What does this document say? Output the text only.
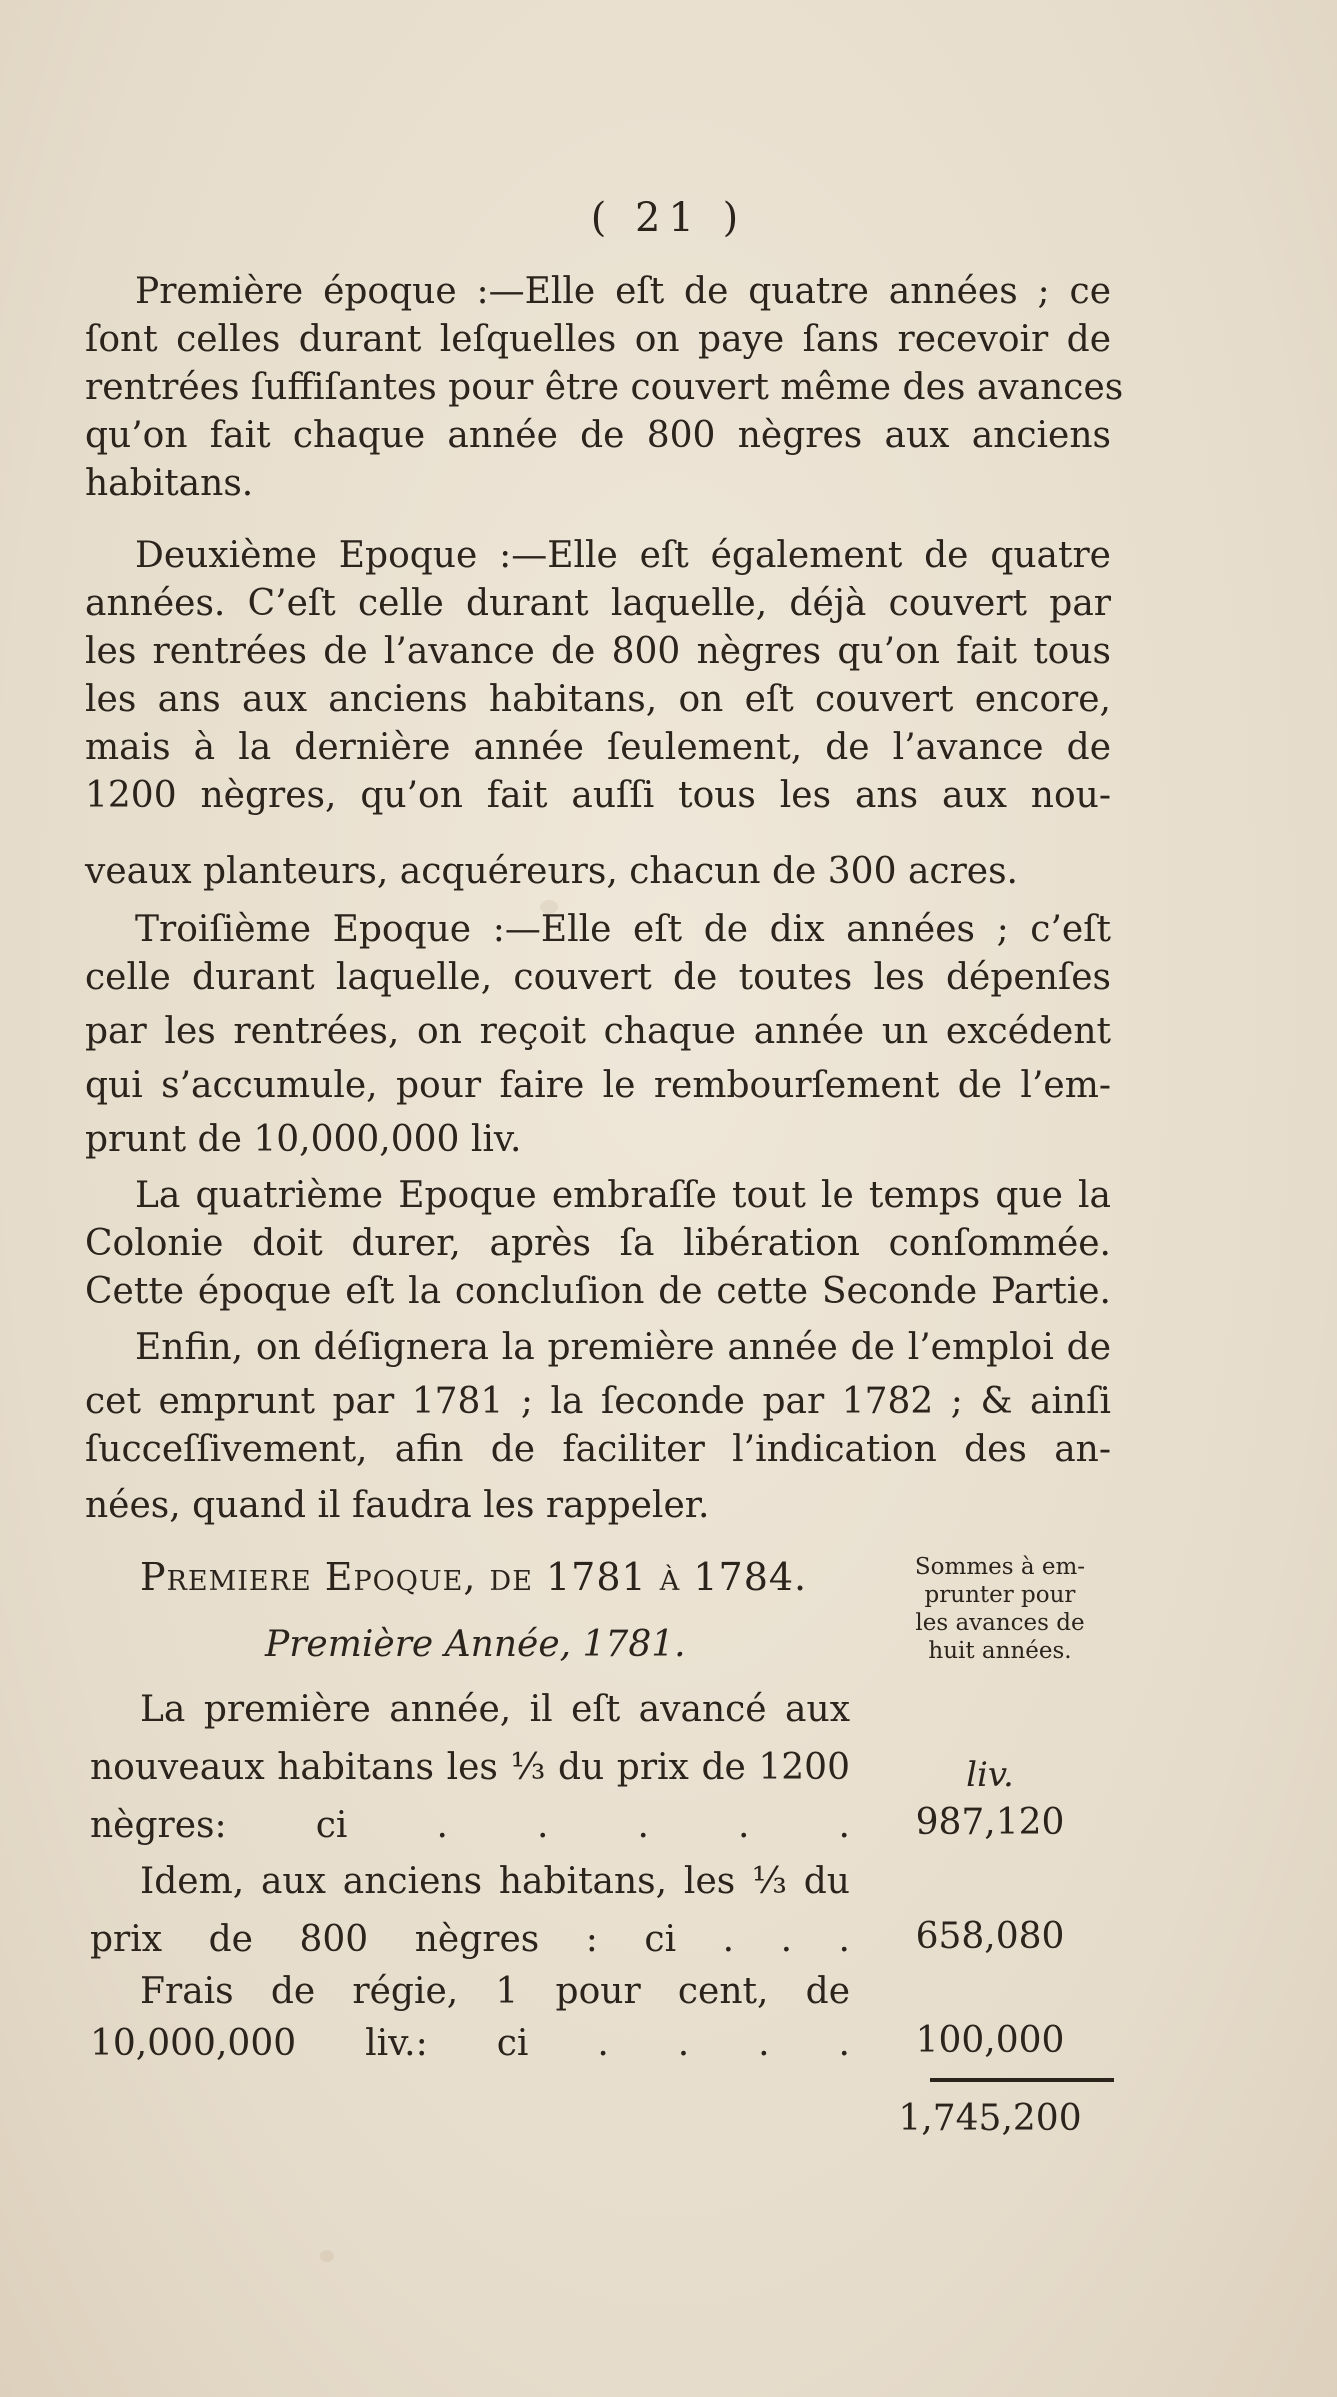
( 21 )
Première époque :—Elle eſt de quatre années ; ce
ſont celles durant leſquelles on paye ſans recevoir de
rentrées ſuffiſantes pour être couvert même des avances
qu’on fait chaque année de 800 nègres aux anciens
habitans.
Deuxième Epoque :—Elle eſt également de quatre
années. C’eſt celle durant laquelle, déjà couvert par
les rentrées de l’avance de 800 nègres qu’on fait tous
les ans aux anciens habitans, on eſt couvert encore,
mais à la dernière année ſeulement, de l’avance de
1200 nègres, qu’on fait auſſi tous les ans aux nou-
veaux planteurs, acquéreurs, chacun de 300 acres.
Troiſième Epoque :—Elle eſt de dix années ; c’eſt
celle durant laquelle, couvert de toutes les dépenſes
par les rentrées, on reçoit chaque année un excédent
qui s’accumule, pour faire le rembourſement de l’em-
prunt de 10,000,000 liv.
La quatrième Epoque embraſſe tout le temps que la
Colonie doit durer, après ſa libération conſommée.
Cette époque eſt la concluſion de cette Seconde Partie.
Enfin, on déſignera la première année de l’emploi de
cet emprunt par 1781 ; la ſeconde par 1782 ; & ainſi
ſucceſſivement, afin de faciliter l’indication des an-
nées, quand il faudra les rappeler.
Premiere Epoque, de 1781 à 1784.
Première Année, 1781.
Sommes à em-
prunter pour
les avances de
huit années.
La première année, il eſt avancé aux
nouveaux habitans les ⅓ du prix de 1200
nègres: ci . . . . .
liv.
987,120
Idem, aux anciens habitans, les ⅓ du
prix de 800 nègres : ci . . .	658,080
Frais de régie, 1 pour cent, de
10,000,000 liv.: ci . . . .	100,000
1,745,200
